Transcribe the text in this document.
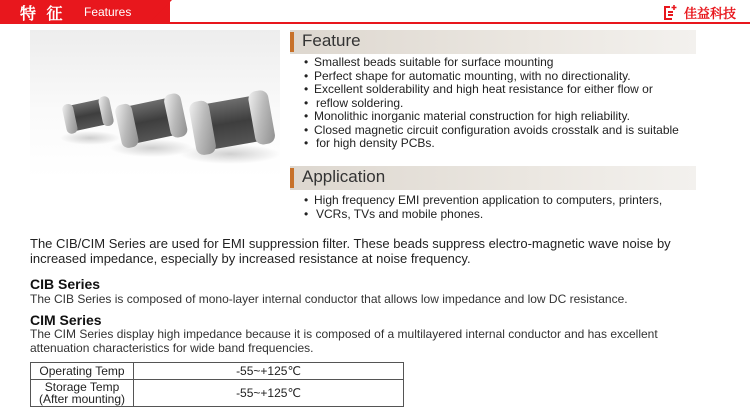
特 征 Features	佳益科技
Feature
• Smallest beads suitable for surface mounting
• Perfect shape for automatic mounting, with no directionality.
• Excellent solderability and high heat resistance for either flow or
• reflow soldering.
• Monolithic inorganic material construction for high reliability.
• Closed magnetic circuit configuration avoids crosstalk and is suitable
• for high density PCBs.
Application
• High frequency EMI prevention application to computers, printers,
• VCRs, TVs and mobile phones.
The CIB/CIM Series are used for EMI suppression filter. These beads suppress electro-magnetic wave noise by increased impedance, especially by increased resistance at noise frequency.
CIB Series
The CIB Series is composed of mono-layer internal conductor that allows low impedance and low DC resistance.
CIM Series
The CIM Series display high impedance because it is composed of a multilayered internal conductor and has excellent attenuation characteristics for wide band frequencies.
Operating Temp	-55~+125℃

Storage Temp
(After mounting)	-55~+125℃
